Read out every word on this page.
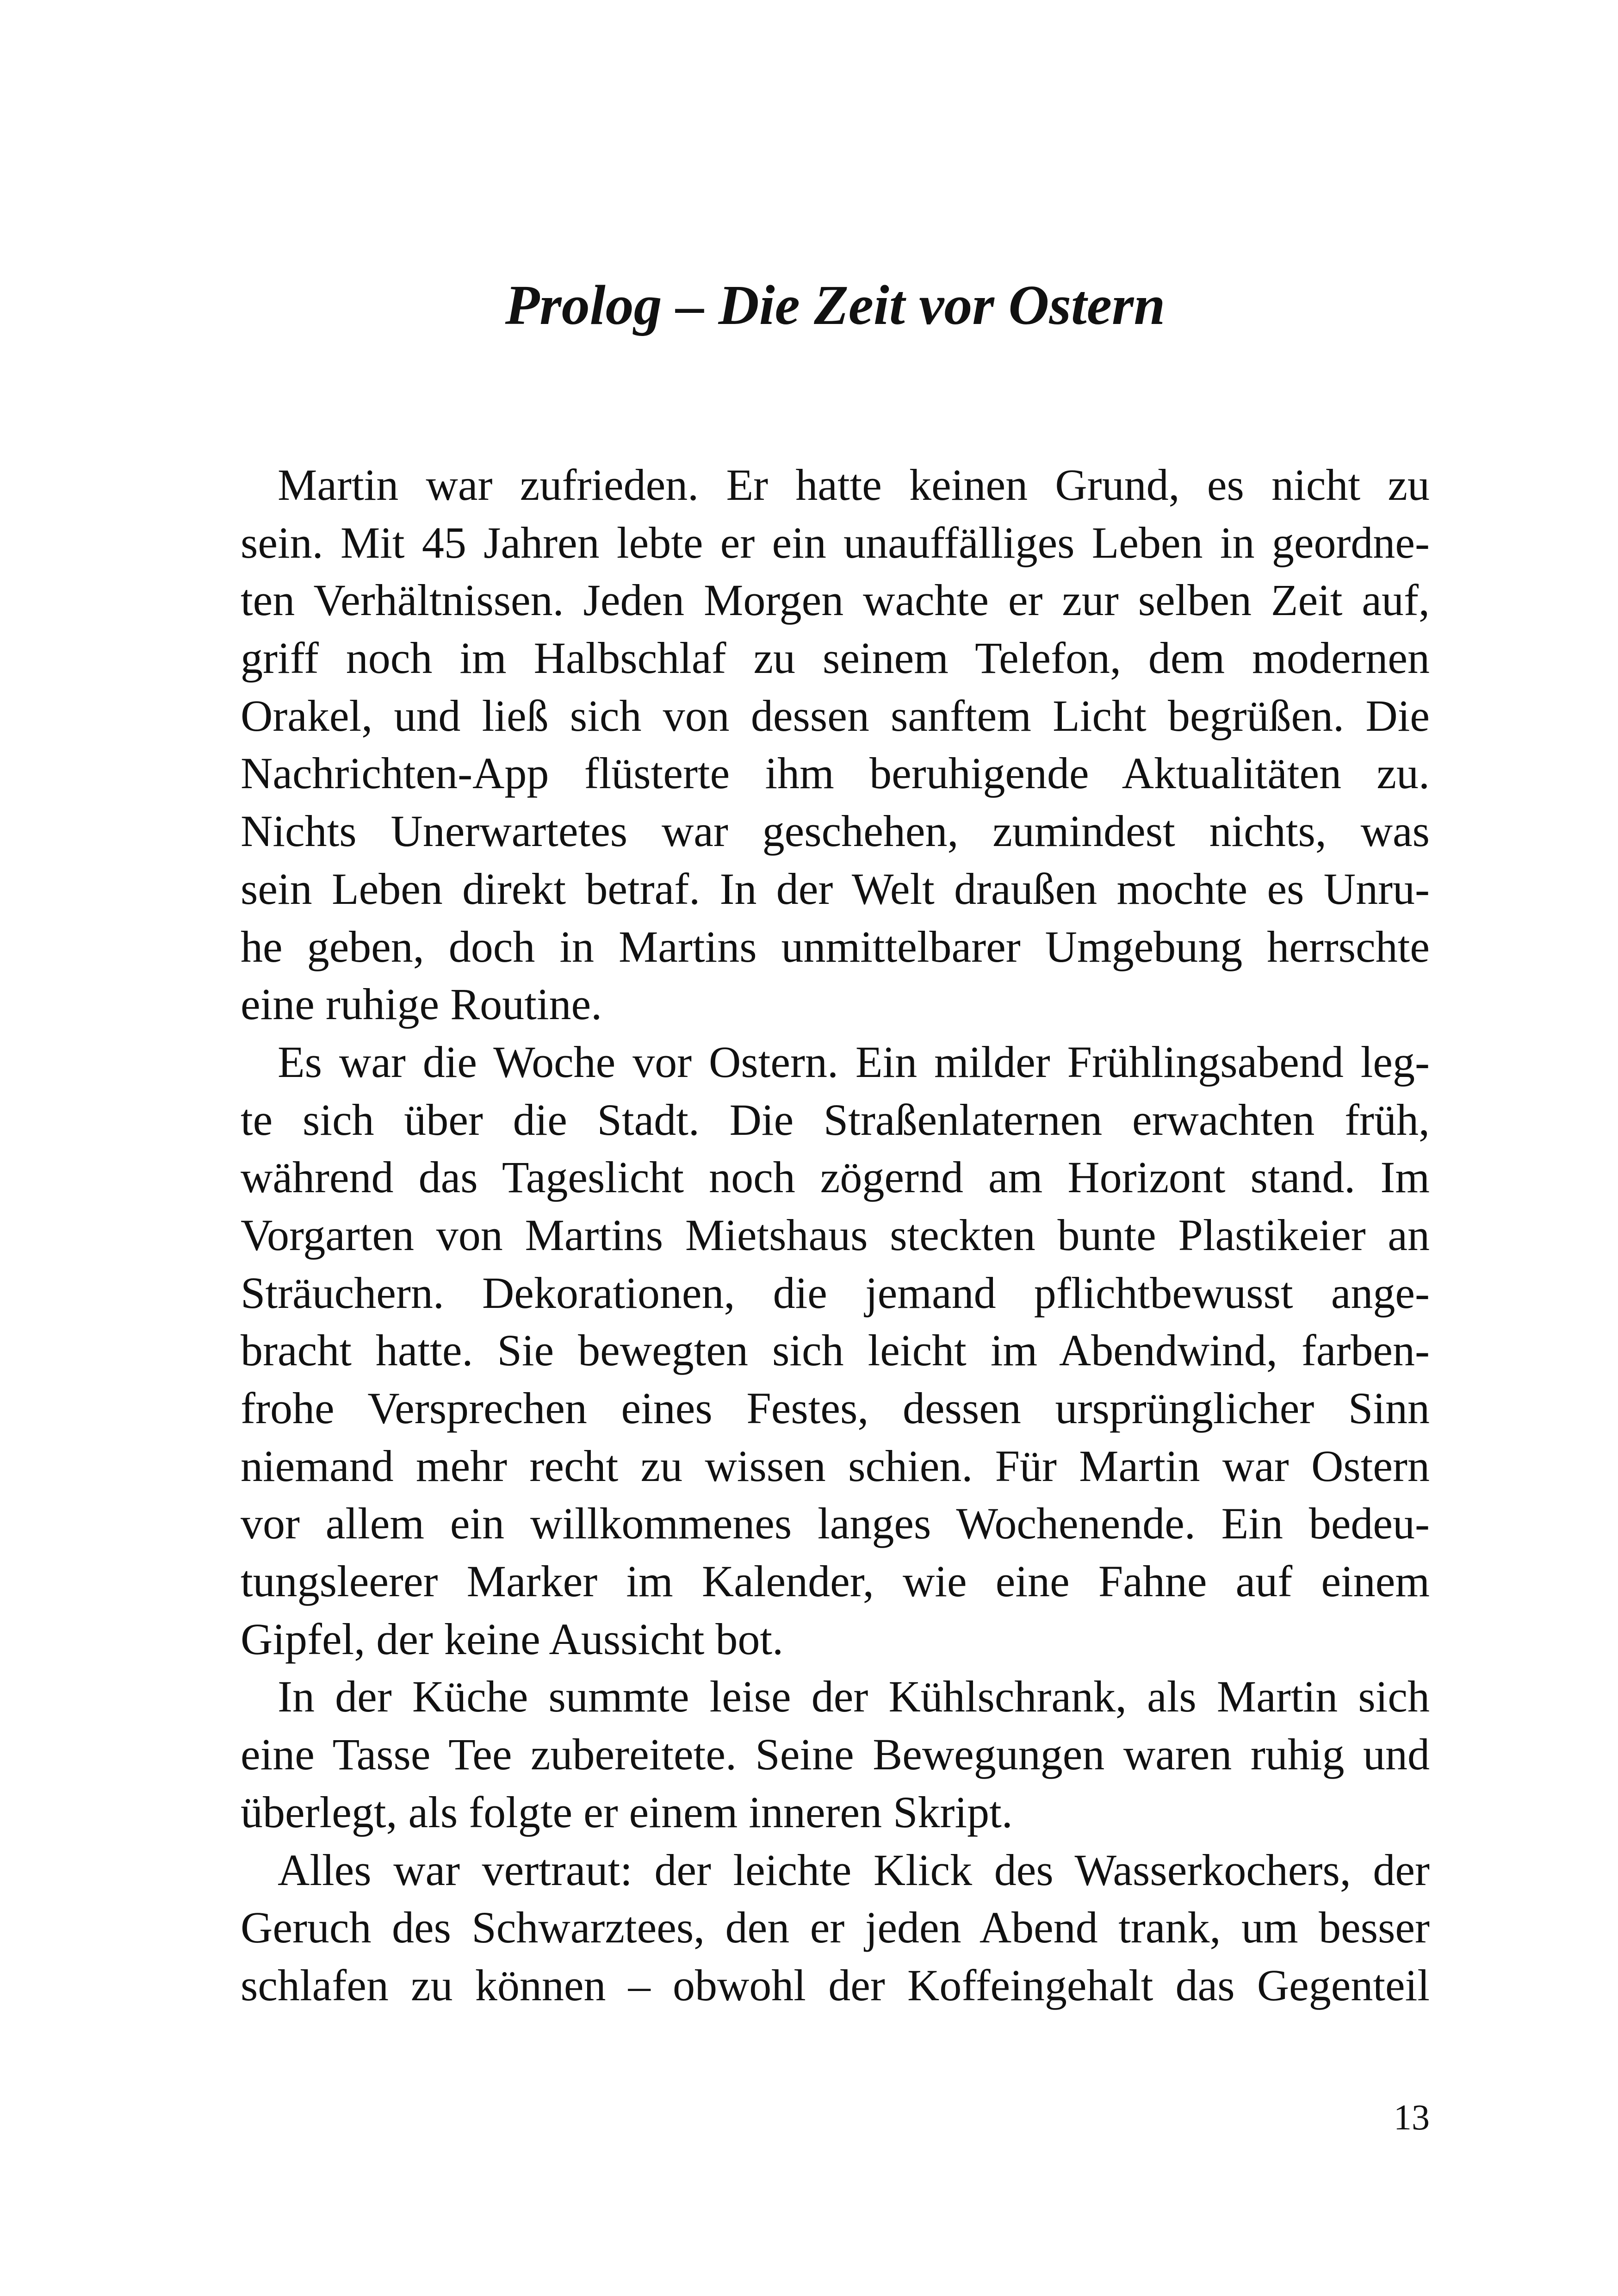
Prolog – Die Zeit vor Ostern
Martin war zufrieden. Er hatte keinen Grund, es nicht zu
sein. Mit 45 Jahren lebte er ein unauffälliges Leben in geordne-
ten Verhältnissen. Jeden Morgen wachte er zur selben Zeit auf,
griff noch im Halbschlaf zu seinem Telefon, dem modernen
Orakel, und ließ sich von dessen sanftem Licht begrüßen. Die
Nachrichten-App flüsterte ihm beruhigende Aktualitäten zu.
Nichts Unerwartetes war geschehen, zumindest nichts, was
sein Leben direkt betraf. In der Welt draußen mochte es Unru-
he geben, doch in Martins unmittelbarer Umgebung herrschte
eine ruhige Routine.
Es war die Woche vor Ostern. Ein milder Frühlingsabend leg-
te sich über die Stadt. Die Straßenlaternen erwachten früh,
während das Tageslicht noch zögernd am Horizont stand. Im
Vorgarten von Martins Mietshaus steckten bunte Plastikeier an
Sträuchern. Dekorationen, die jemand pflichtbewusst ange-
bracht hatte. Sie bewegten sich leicht im Abendwind, farben-
frohe Versprechen eines Festes, dessen ursprünglicher Sinn
niemand mehr recht zu wissen schien. Für Martin war Ostern
vor allem ein willkommenes langes Wochenende. Ein bedeu-
tungsleerer Marker im Kalender, wie eine Fahne auf einem
Gipfel, der keine Aussicht bot.
In der Küche summte leise der Kühlschrank, als Martin sich
eine Tasse Tee zubereitete. Seine Bewegungen waren ruhig und
überlegt, als folgte er einem inneren Skript.
Alles war vertraut: der leichte Klick des Wasserkochers, der
Geruch des Schwarztees, den er jeden Abend trank, um besser
schlafen zu können – obwohl der Koffeingehalt das Gegenteil
13
